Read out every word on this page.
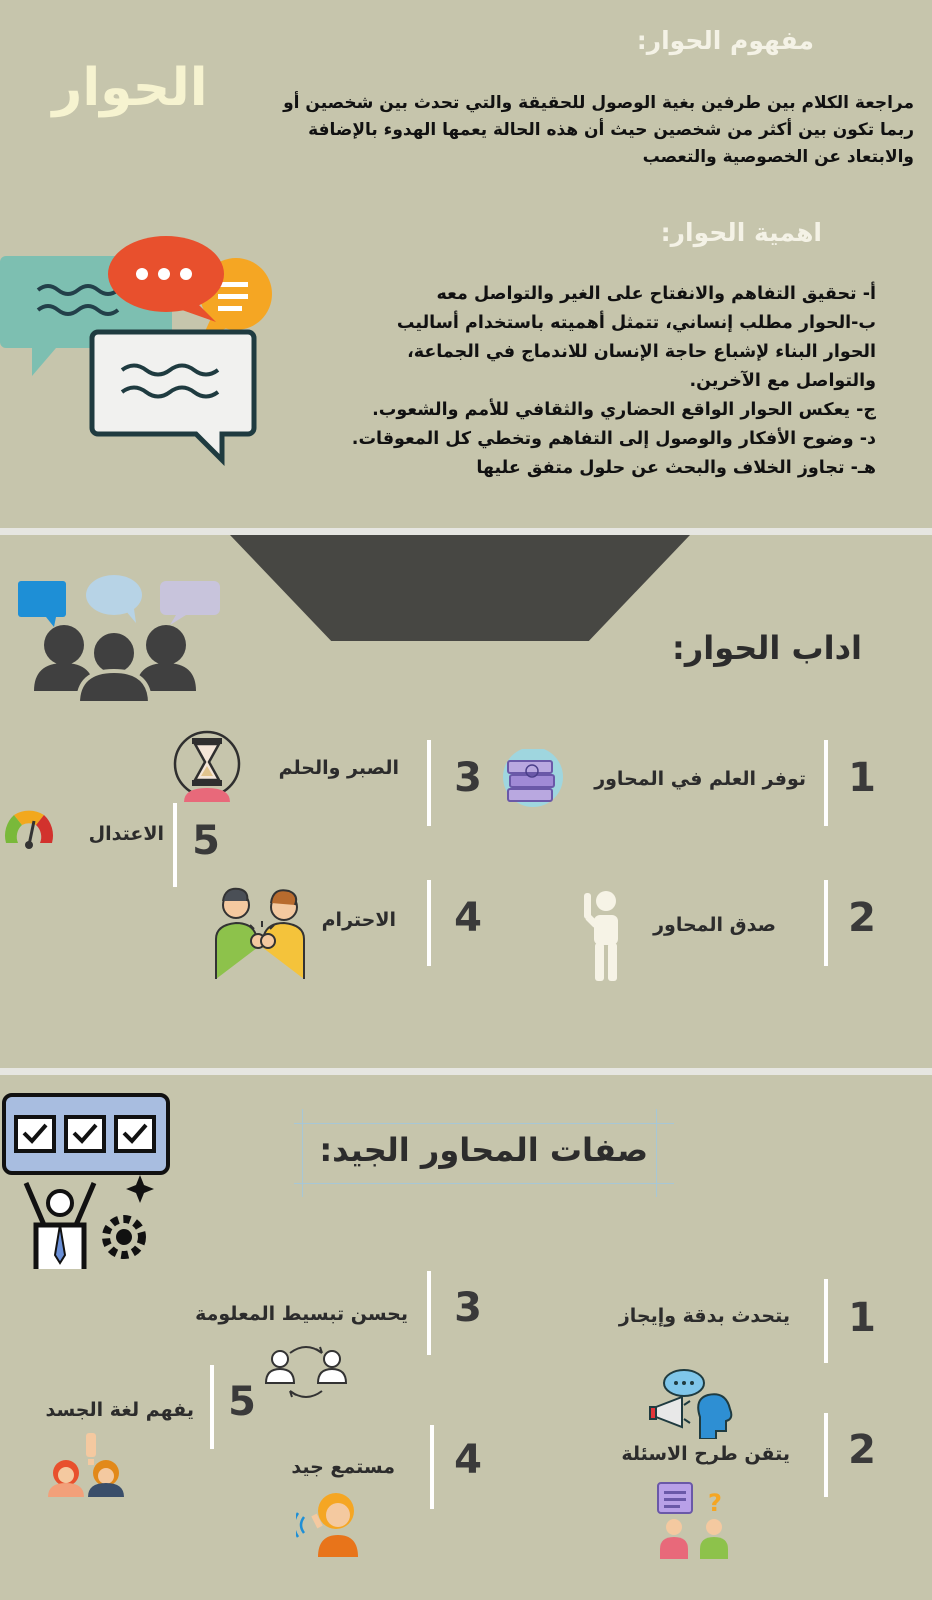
الحوار
مفهوم الحوار:
مراجعة الكلام بين طرفين بغية الوصول للحقيقة والتي تحدث بين شخصين أو
ربما تكون بين أكثر من شخصين حيث أن هذه الحالة يعمها الهدوء بالإضافة
والابتعاد عن الخصوصية والتعصب
اهمية الحوار:
أ- تحقيق التفاهم والانفتاح على الغير والتواصل معه
ب-الحوار مطلب إنساني، تتمثل أهميته باستخدام أساليب
الحوار البناء لإشباع حاجة الإنسان للاندماج في الجماعة،
والتواصل مع الآخرين.
ج- يعكس الحوار الواقع الحضاري والثقافي للأمم والشعوب.
د- وضوح الأفكار والوصول إلى التفاهم وتخطي كل المعوقات.
هـ- تجاوز الخلاف والبحث عن حلول متفق عليها
اداب الحوار:
1
توفر العلم في المحاور
3
الصبر والحلم
5
الاعتدال
2
صدق المحاور
4
الاحترام
صفات المحاور الجيد:
1
يتحدث بدقة وإيجاز
3
يحسن تبسيط المعلومة
5
يفهم لغة الجسد
2
يتقن طرح الاسئلة
?
4
مستمع جيد
